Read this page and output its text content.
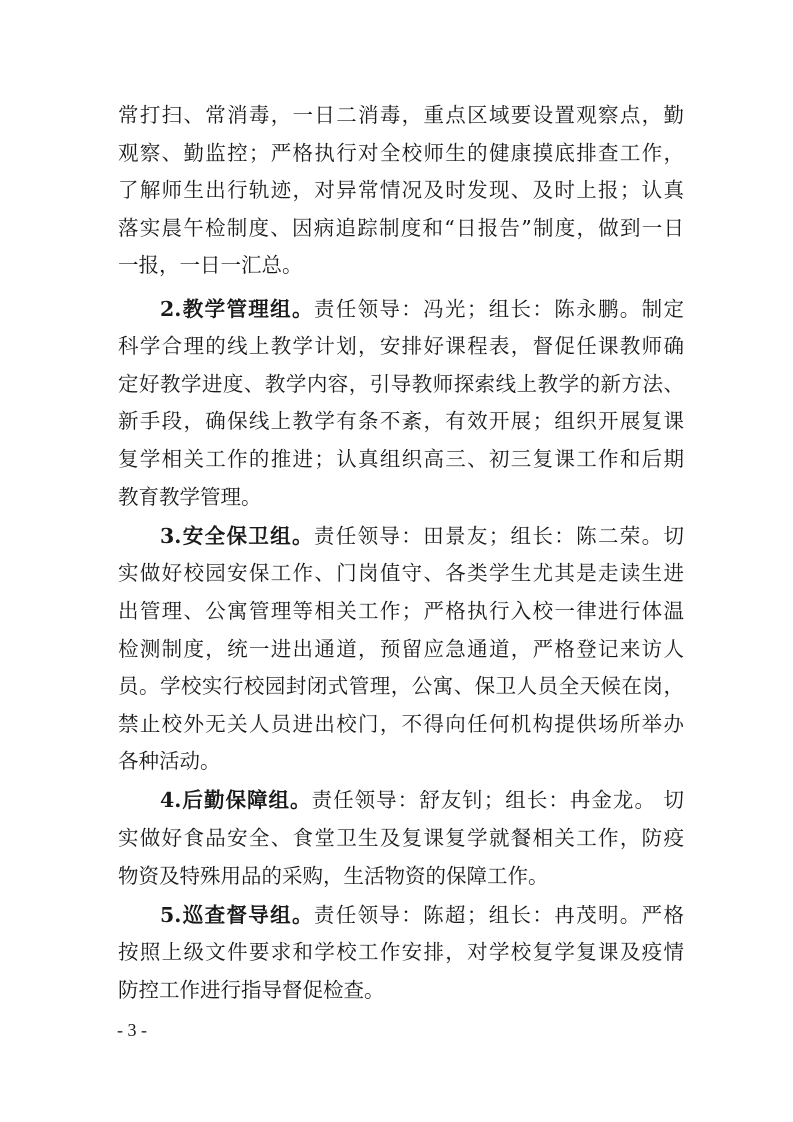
常打扫、常消毒，一日二消毒，重点区域要设置观察点，勤
观察、勤监控；严格执行对全校师生的健康摸底排查工作，
了解师生出行轨迹，对异常情况及时发现、及时上报；认真
落实晨午检制度、因病追踪制度和“日报告”制度，做到一日
一报，一日一汇总。
2.教学管理组。责任领导：冯光；组长：陈永鹏。制定
科学合理的线上教学计划，安排好课程表，督促任课教师确
定好教学进度、教学内容，引导教师探索线上教学的新方法、
新手段，确保线上教学有条不紊，有效开展；组织开展复课
复学相关工作的推进；认真组织高三、初三复课工作和后期
教育教学管理。
3.安全保卫组。责任领导：田景友；组长：陈二荣。切
实做好校园安保工作、门岗值守、各类学生尤其是走读生进
出管理、公寓管理等相关工作；严格执行入校一律进行体温
检测制度，统一进出通道，预留应急通道，严格登记来访人
员。学校实行校园封闭式管理，公寓、保卫人员全天候在岗，
禁止校外无关人员进出校门，不得向任何机构提供场所举办
各种活动。
4.后勤保障组。责任领导：舒友钊；组长：冉金龙。 切
实做好食品安全、食堂卫生及复课复学就餐相关工作，防疫
物资及特殊用品的采购，生活物资的保障工作。
5.巡查督导组。责任领导：陈超；组长：冉茂明。严格
按照上级文件要求和学校工作安排，对学校复学复课及疫情
防控工作进行指导督促检查。
- 3 -
